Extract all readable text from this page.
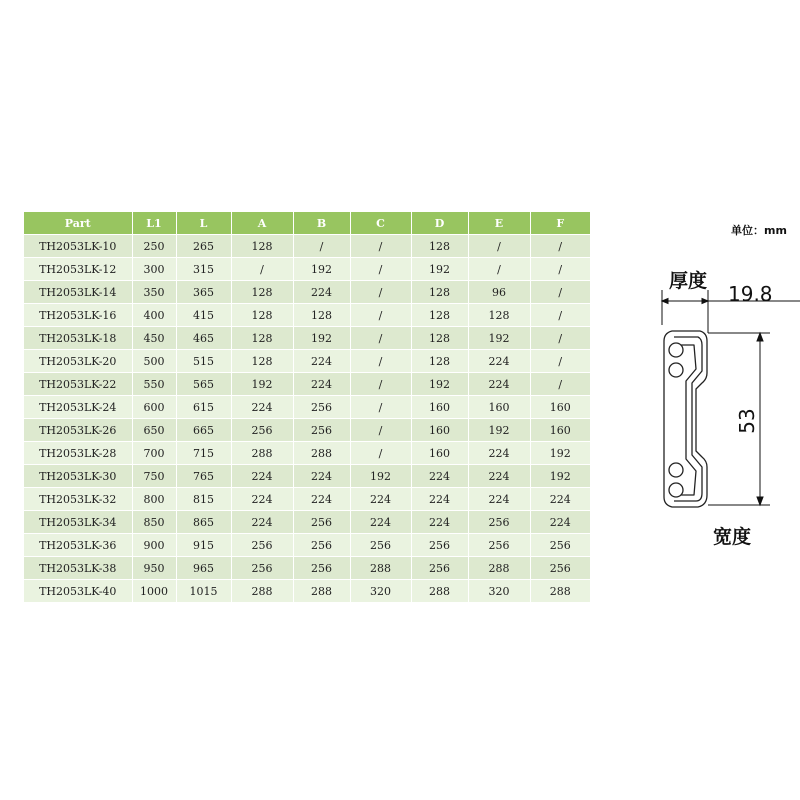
Part	L1	L	A	B	C	D	E	F
TH2053LK-10	250	265	128	/	/	128	/	/
TH2053LK-12	300	315	/	192	/	192	/	/
TH2053LK-14	350	365	128	224	/	128	96	/
TH2053LK-16	400	415	128	128	/	128	128	/
TH2053LK-18	450	465	128	192	/	128	192	/
TH2053LK-20	500	515	128	224	/	128	224	/
TH2053LK-22	550	565	192	224	/	192	224	/
TH2053LK-24	600	615	224	256	/	160	160	160
TH2053LK-26	650	665	256	256	/	160	192	160
TH2053LK-28	700	715	288	288	/	160	224	192
TH2053LK-30	750	765	224	224	192	224	224	192
TH2053LK-32	800	815	224	224	224	224	224	224
TH2053LK-34	850	865	224	256	224	224	256	224
TH2053LK-36	900	915	256	256	256	256	256	256
TH2053LK-38	950	965	256	256	288	256	288	256
TH2053LK-40	1000	1015	288	288	320	288	320	288
单位：mm
厚度
19.8
53
宽度
